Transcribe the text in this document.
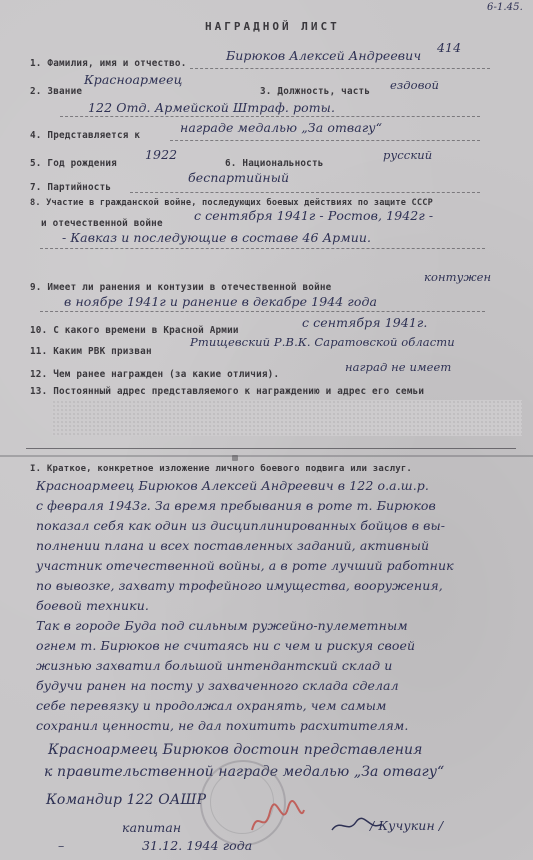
6-1.45.
НАГРАДНОЙ ЛИСТ
414
1. Фамилия, имя и отчество.
Бирюков Алексей Андреевич
Красноармеец
2. Звание	3. Должность, часть ездовой
122 Отд. Армейской Штраф. роты.
4. Представляется к
награде медалью „За отвагу“
5. Год рождения
1922
6. Национальность
русский
7. Партийность
беспартийный
8. Участие в гражданской войне, последующих боевых действиях по защите СССР
и отечественной войне
с сентября 1941г - Ростов, 1942г -
- Кавказ и последующие в составе 46 Армии.
9. Имеет ли ранения и контузии в отечественной войне
контужен
в ноябре 1941г и ранение в декабре 1944 года
10. С какого времени в Красной Армии
с сентября 1941г.
11. Каким РВК призван
Ртищевский Р.В.К. Саратовской области
12. Чем ранее награжден (за какие отличия).
наград не имеет
13. Постоянный адрес представляемого к награждению и адрес его семьи
I. Краткое, конкретное изложение личного боевого подвига или заслуг.
Красноармеец Бирюков Алексей Андреевич в 122 о.а.ш.р.
с февраля 1943г. За время пребывания в роте т. Бирюков
показал себя как один из дисциплинированных бойцов в вы-
полнении плана и всех поставленных заданий, активный
участник отечественной войны, а в роте лучший работник
по вывозке, захвату трофейного имущества, вооружения,
боевой техники.
Так в городе Буда под сильным ружейно-пулеметным
огнем т. Бирюков не считаясь ни с чем и рискуя своей
жизнью захватил большой интендантский склад и
будучи ранен на посту у захваченного склада сделал
себе перевязку и продолжал охранять, чем самым
сохранил ценности, не дал похитить расхитителям.
Красноармеец Бирюков достоин представления
к правительственной награде медалью „За отвагу“
Командир 122 ОАШР
капитан	/ Кучукин /
31.12. 1944 года
–
